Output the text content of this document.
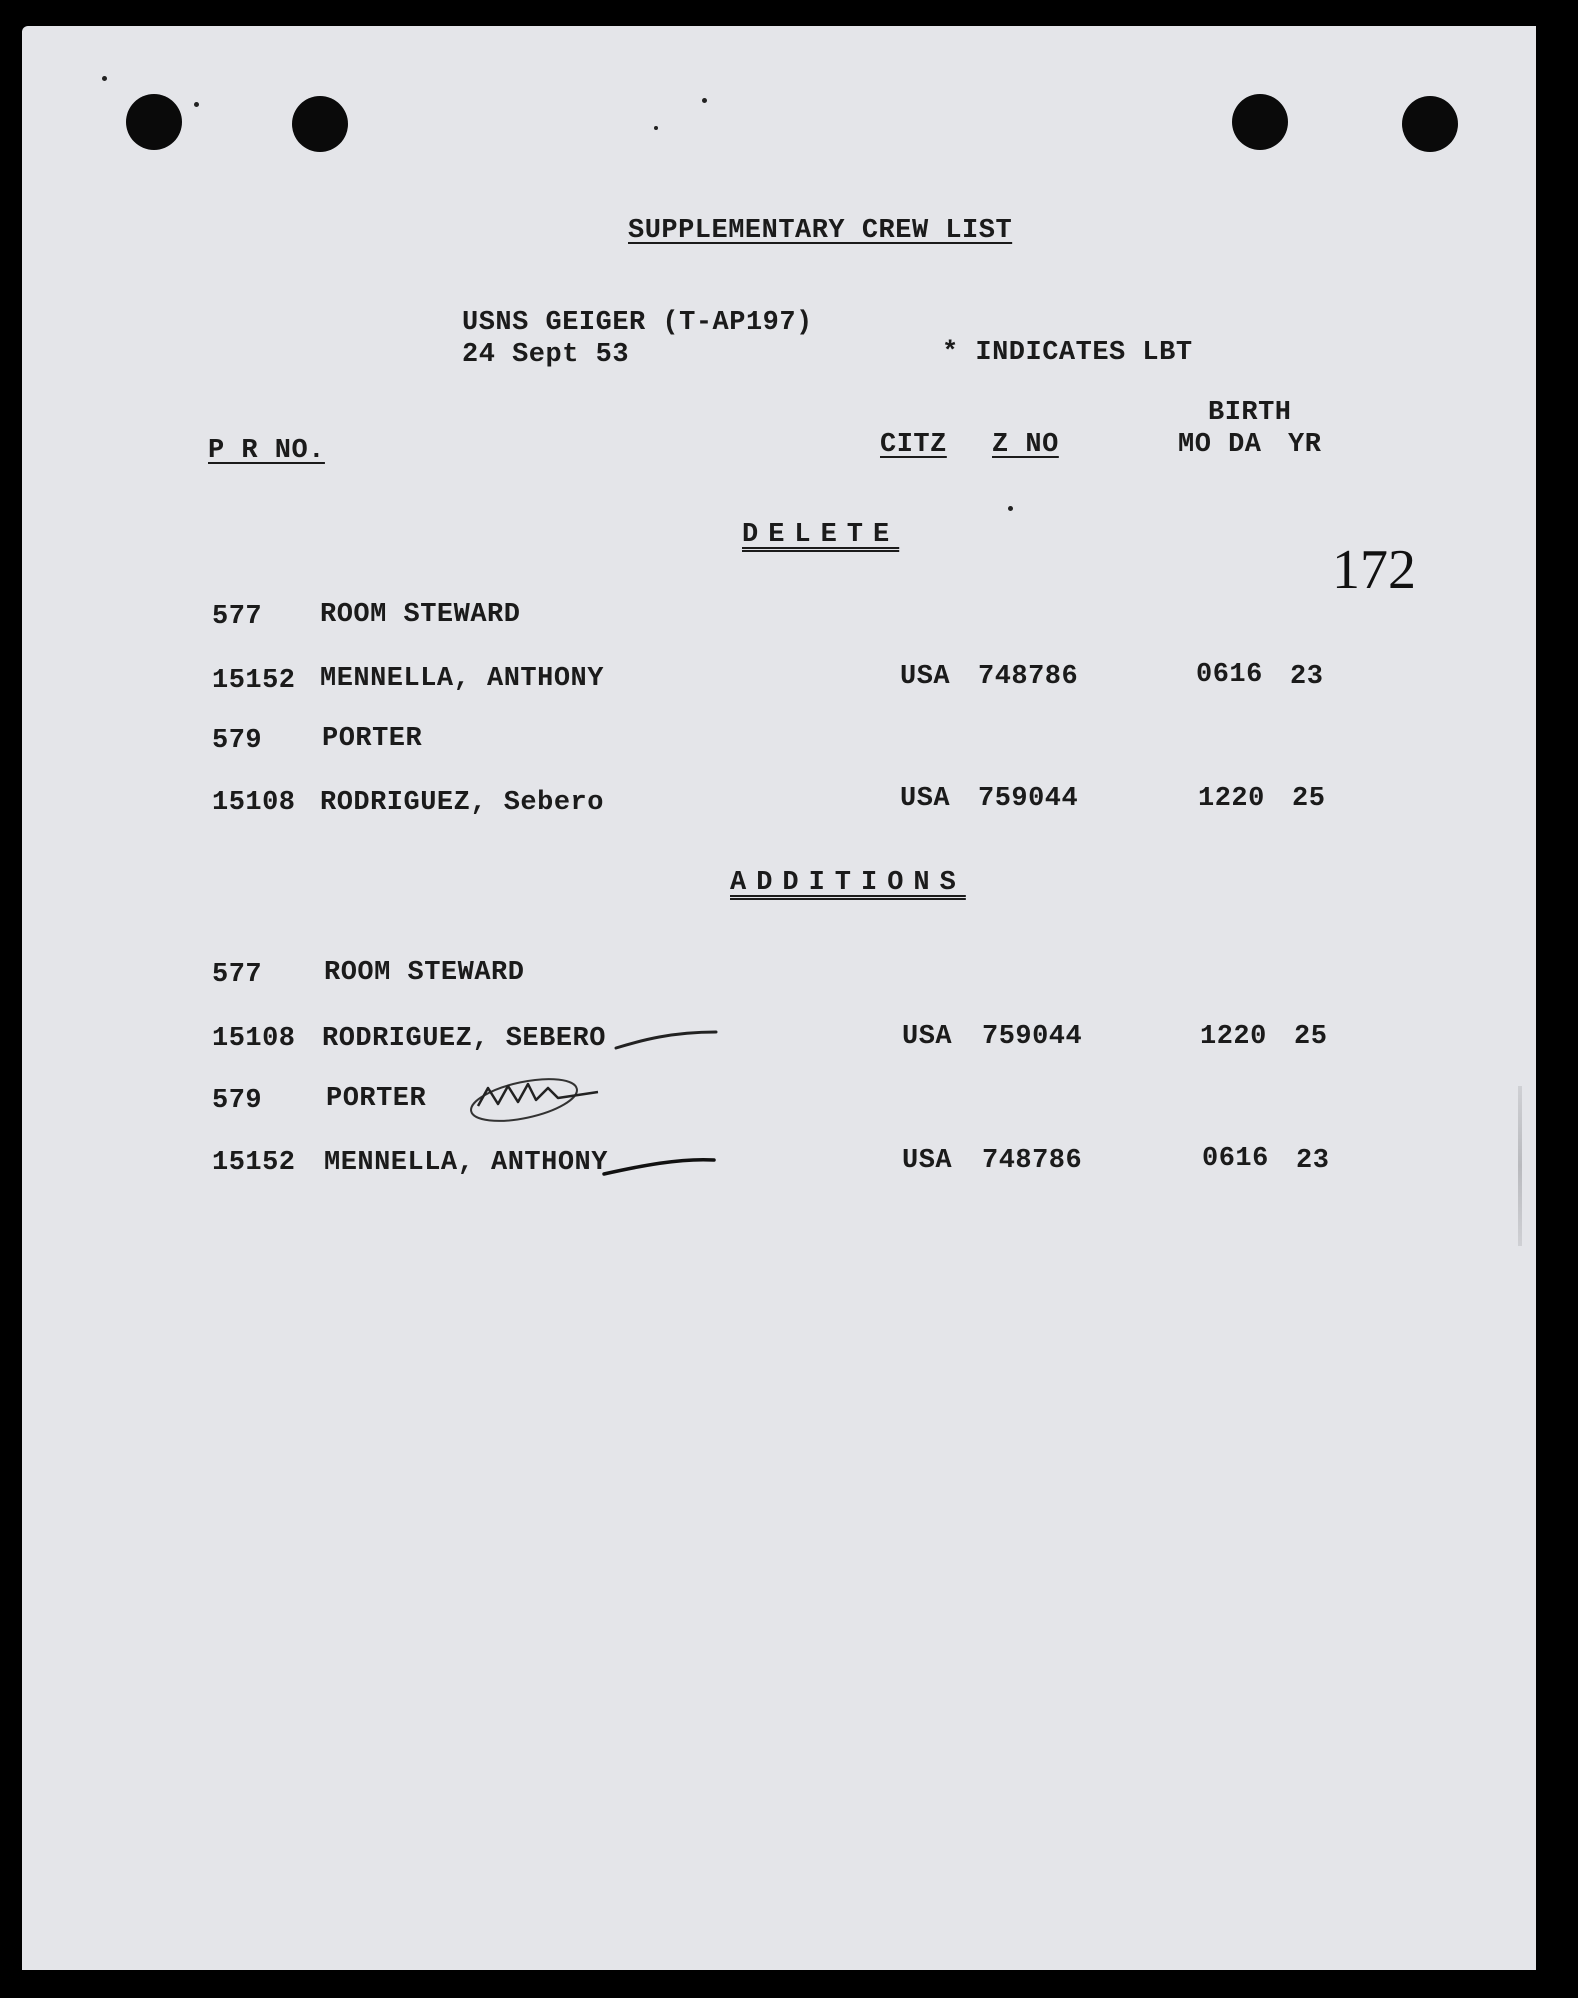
SUPPLEMENTARY CREW LIST
USNS GEIGER (T-AP197)
24 Sept 53	* INDICATES LBT
BIRTH
P R NO.	CITZ Z NO	MO DA YR
172
DELETE
577 ROOM STEWARD
15152 MENNELLA, ANTHONY	USA 748786	0616 23
579 PORTER
15108 RODRIGUEZ, Sebero	USA 759044	1220 25
ADDITIONS
577 ROOM STEWARD
15108 RODRIGUEZ, SEBERO	USA 759044	1220 25
579 PORTER
15152 MENNELLA, ANTHONY	USA 748786	0616 23
